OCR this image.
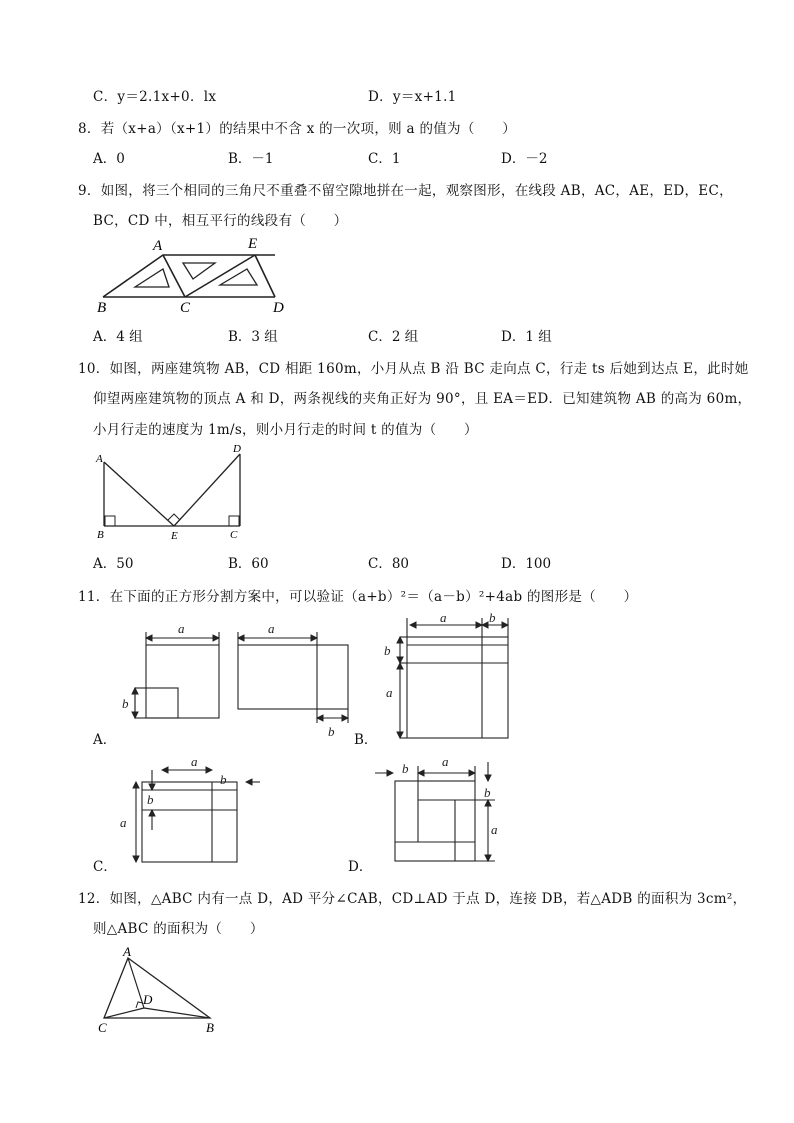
C．y＝2.1x+0．lx	D．y＝x+1.1
8．若（x+a）（x+1）的结果中不含 x 的一次项，则 a 的值为（　　）
A．0	B．－1	C．1	D．－2
9．如图，将三个相同的三角尺不重叠不留空隙地拼在一起，观察图形，在线段 AB，AC，AE，ED，EC，
BC，CD 中，相互平行的线段有（　　）
A	E
B	C	D
A．4 组	B．3 组	C．2 组	D．1 组
10．如图，两座建筑物 AB，CD 相距 160m，小月从点 B 沿 BC 走向点 C，行走 ts 后她到达点 E，此时她
仰望两座建筑物的顶点 A 和 D，两条视线的夹角正好为 90°，且 EA＝ED．已知建筑物 AB 的高为 60m，
小月行走的速度为 1m/s，则小月行走的时间 t 的值为（　　）
A
D
B	E	C
A．50	B．60	C．80	D．100
11．在下面的正方形分割方案中，可以验证（a+b）²＝（a－b）²+4ab 的图形是（　　）
a
b
a
b
a	b
b
a
a
b
b
a
b	a
b
a
A．	B．
C．	D．
12．如图，△ABC 内有一点 D，AD 平分∠CAB，CD⊥AD 于点 D，连接 DB，若△ADB 的面积为 3cm²，
则△ABC 的面积为（　　）
A
D
C	B
